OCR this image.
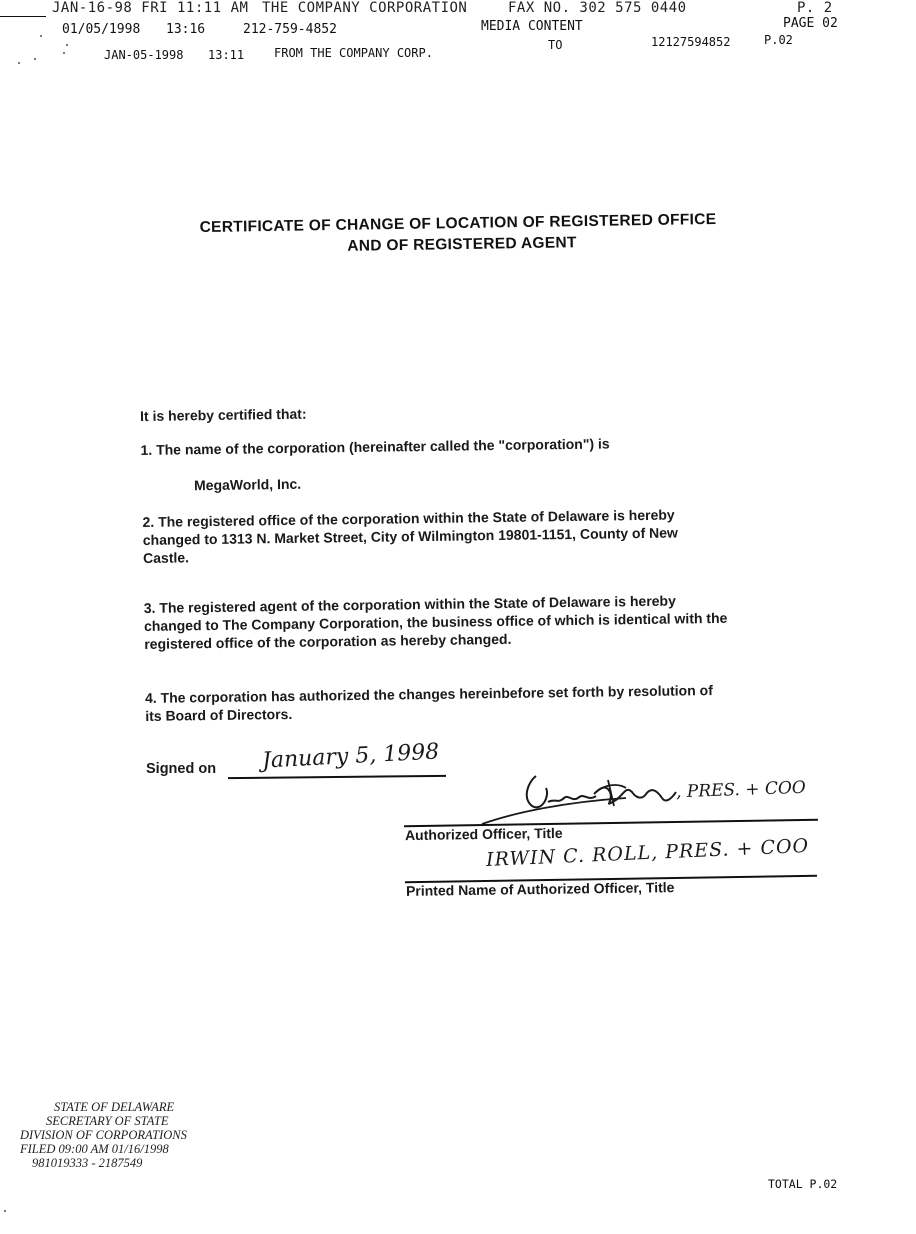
JAN-16-98 FRI 11:11 AM THE COMPANY CORPORATION	FAX NO. 302 575 0440	P. 2
01/05/1998 13:16	212-759-4852	MEDIA CONTENT	PAGE 02
JAN-05-1998 13:11 FROM THE COMPANY CORP.
TO	12127594852	P.02
CERTIFICATE OF CHANGE OF LOCATION OF REGISTERED OFFICE
AND OF REGISTERED AGENT
It is hereby certified that:
1. The name of the corporation (hereinafter called the "corporation") is
MegaWorld, Inc.
2. The registered office of the corporation within the State of Delaware is hereby
changed to 1313 N. Market Street, City of Wilmington 19801-1151, County of New
Castle.
3. The registered agent of the corporation within the State of Delaware is hereby
changed to The Company Corporation, the business office of which is identical with the
registered office of the corporation as hereby changed.
4. The corporation has authorized the changes hereinbefore set forth by resolution of
its Board of Directors.
Signed on January 5, 1998
, PRES. + COO
Authorized Officer, Title
IRWIN C. ROLL, PRES. + COO
Printed Name of Authorized Officer, Title
STATE OF DELAWARE
SECRETARY OF STATE
DIVISION OF CORPORATIONS
FILED 09:00 AM 01/16/1998
981019333 - 2187549
TOTAL P.02
